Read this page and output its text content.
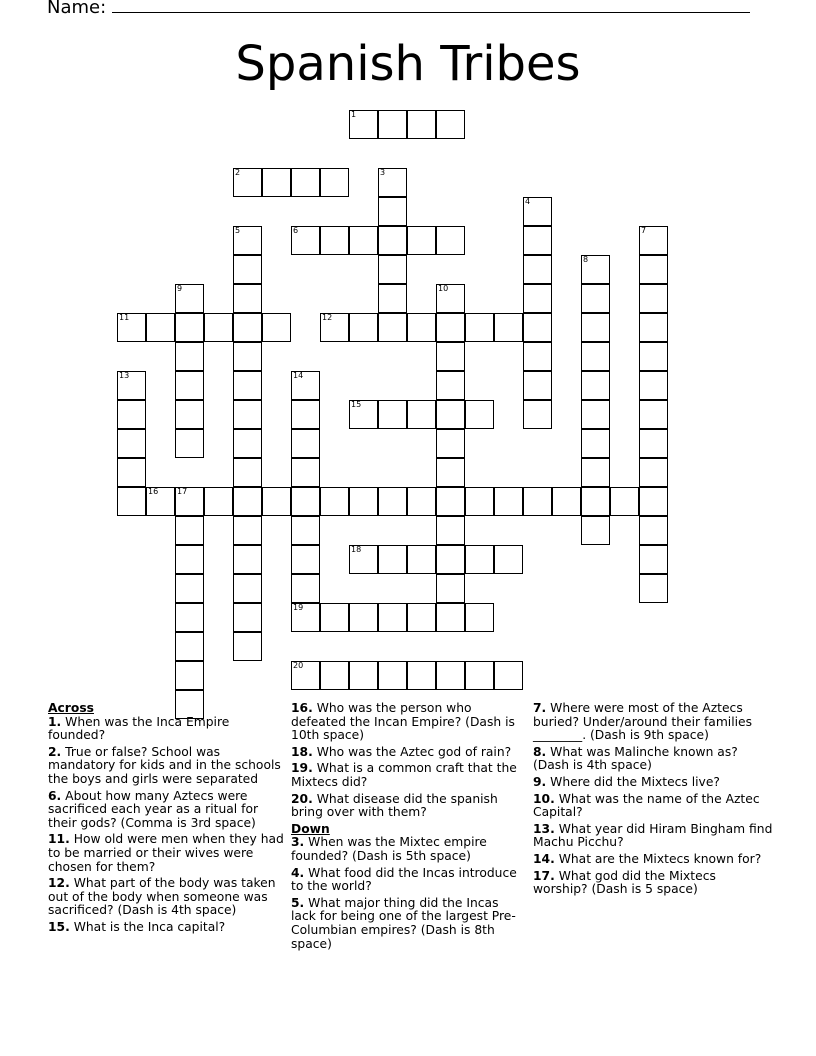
Name:
Spanish Tribes
1
2	3
4
5	6	7
8
9	10
11	12
13	14
15
16 17
18
19
20
Across
1. When was the Inca Empire founded?
2. True or false? School was mandatory for kids and in the schools the boys and girls were separated
6. About how many Aztecs were sacrificed each year as a ritual for their gods? (Comma is 3rd space)
11. How old were men when they had to be married or their wives were chosen for them?
12. What part of the body was taken out of the body when someone was sacrificed? (Dash is 4th space)
15. What is the Inca capital?
16. Who was the person who defeated the Incan Empire? (Dash is 10th space)
18. Who was the Aztec god of rain?
19. What is a common craft that the Mixtecs did?
20. What disease did the spanish bring over with them?
Down
3. When was the Mixtec empire founded? (Dash is 5th space)
4. What food did the Incas introduce to the world?
5. What major thing did the Incas lack for being one of the largest Pre-Columbian empires? (Dash is 8th space)
7. Where were most of the Aztecs buried? Under/around their families ________. (Dash is 9th space)
8. What was Malinche known as? (Dash is 4th space)
9. Where did the Mixtecs live?
10. What was the name of the Aztec Capital?
13. What year did Hiram Bingham find Machu Picchu?
14. What are the Mixtecs known for?
17. What god did the Mixtecs worship? (Dash is 5 space)
